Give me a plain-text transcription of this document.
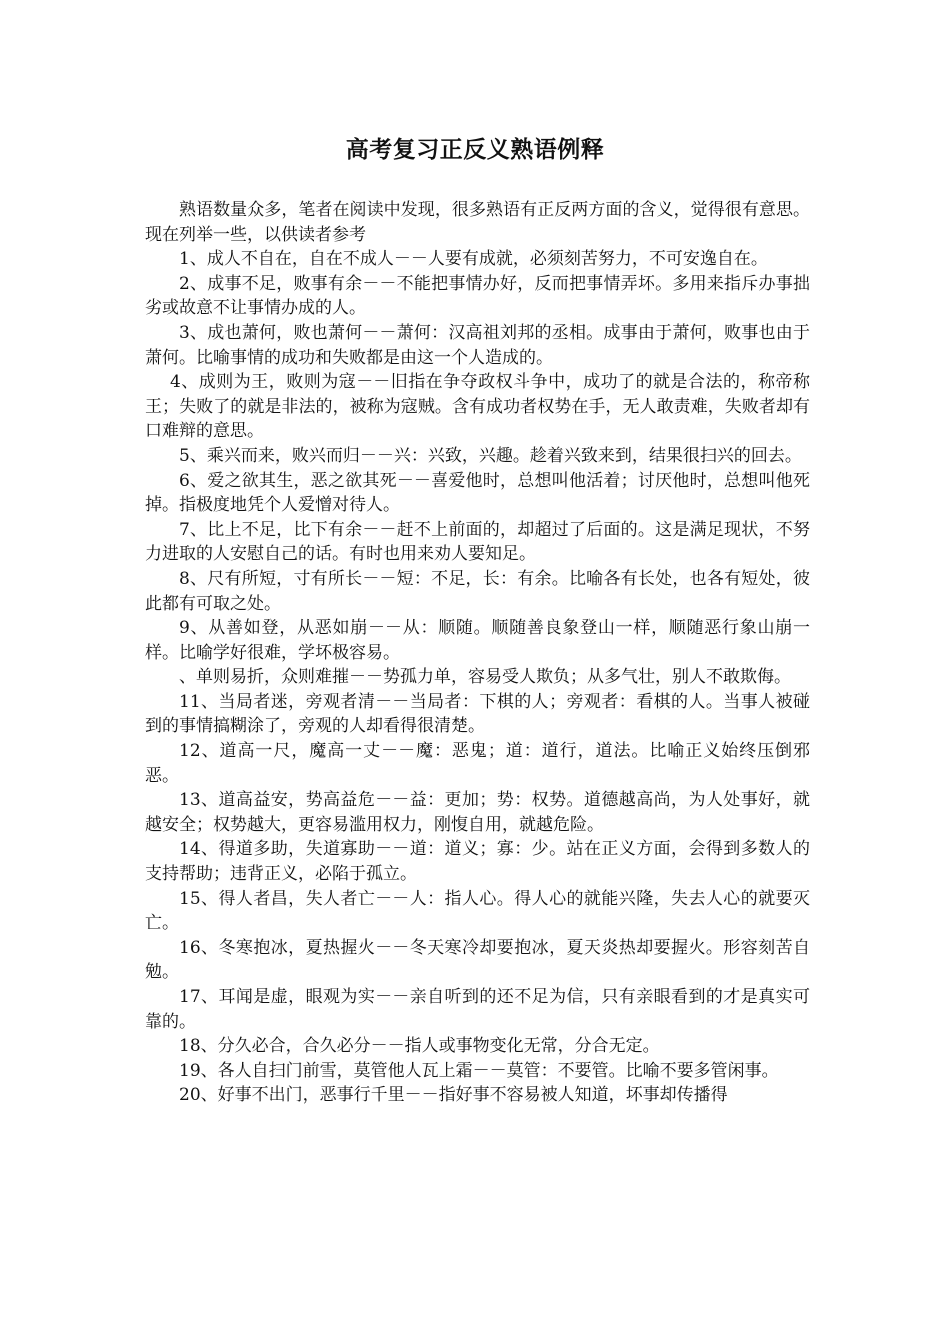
高考复习正反义熟语例释

熟语数量众多，笔者在阅读中发现，很多熟语有正反两方面的含义，觉得很有意思。现在列举一些，以供读者参考

1、成人不自在，自在不成人－－人要有成就，必须刻苦努力，不可安逸自在。

2、成事不足，败事有余－－不能把事情办好，反而把事情弄坏。多用来指斥办事拙劣或故意不让事情办成的人。

3、成也萧何，败也萧何－－萧何：汉高祖刘邦的丞相。成事由于萧何，败事也由于萧何。比喻事情的成功和失败都是由这一个人造成的。

4、成则为王，败则为寇－－旧指在争夺政权斗争中，成功了的就是合法的，称帝称王；失败了的就是非法的，被称为寇贼。含有成功者权势在手，无人敢责难，失败者却有口难辩的意思。

5、乘兴而来，败兴而归－－兴：兴致，兴趣。趁着兴致来到，结果很扫兴的回去。

6、爱之欲其生，恶之欲其死－－喜爱他时，总想叫他活着；讨厌他时，总想叫他死掉。指极度地凭个人爱憎对待人。

7、比上不足，比下有余－－赶不上前面的，却超过了后面的。这是满足现状，不努力进取的人安慰自己的话。有时也用来劝人要知足。

8、尺有所短，寸有所长－－短：不足，长：有余。比喻各有长处，也各有短处，彼此都有可取之处。

9、从善如登，从恶如崩－－从：顺随。顺随善良象登山一样，顺随恶行象山崩一样。比喻学好很难，学坏极容易。

、单则易折，众则难摧－－势孤力单，容易受人欺负；从多气壮，别人不敢欺侮。

11、当局者迷，旁观者清－－当局者：下棋的人；旁观者：看棋的人。当事人被碰到的事情搞糊涂了，旁观的人却看得很清楚。

12、道高一尺，魔高一丈－－魔：恶鬼；道：道行，道法。比喻正义始终压倒邪恶。

13、道高益安，势高益危－－益：更加；势：权势。道德越高尚，为人处事好，就越安全；权势越大，更容易滥用权力，刚愎自用，就越危险。

14、得道多助，失道寡助－－道：道义；寡：少。站在正义方面，会得到多数人的支持帮助；违背正义，必陷于孤立。

15、得人者昌，失人者亡－－人：指人心。得人心的就能兴隆，失去人心的就要灭亡。

16、冬寒抱冰，夏热握火－－冬天寒冷却要抱冰，夏天炎热却要握火。形容刻苦自勉。

17、耳闻是虚，眼观为实－－亲自听到的还不足为信，只有亲眼看到的才是真实可靠的。

18、分久必合，合久必分－－指人或事物变化无常，分合无定。

19、各人自扫门前雪，莫管他人瓦上霜－－莫管：不要管。比喻不要多管闲事。

20、好事不出门，恶事行千里－－指好事不容易被人知道，坏事却传播得
